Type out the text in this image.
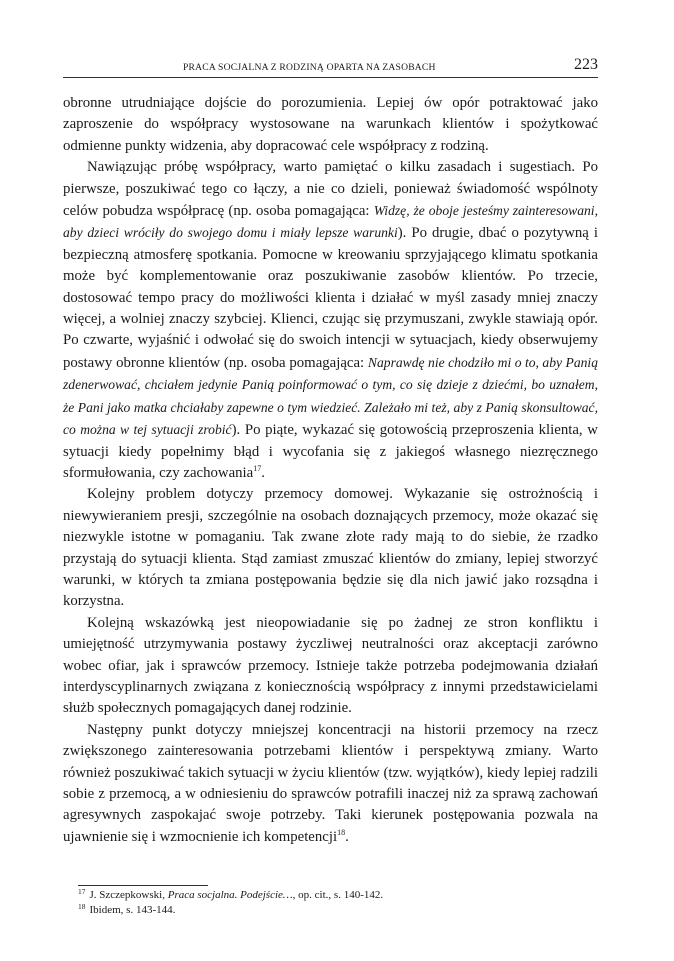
PRACA SOCJALNA Z RODZINĄ OPARTA NA ZASOBACH	223

obronne utrudniające dojście do porozumienia. Lepiej ów opór potraktować jako zaproszenie do współpracy wystosowane na warunkach klientów i spożytkować odmienne punkty widzenia, aby dopracować cele współpracy z rodziną.

Nawiązując próbę współpracy, warto pamiętać o kilku zasadach i sugestiach. Po pierwsze, poszukiwać tego co łączy, a nie co dzieli, ponieważ świadomość wspólnoty celów pobudza współpracę (np. osoba pomagająca: Widzę, że oboje jesteśmy zainteresowani, aby dzieci wróciły do swojego domu i miały lepsze warunki). Po drugie, dbać o pozytywną i bezpieczną atmosferę spotkania. Pomocne w kreowaniu sprzyjającego klimatu spotkania może być komplementowanie oraz poszukiwanie zasobów klientów. Po trzecie, dostosować tempo pracy do możliwości klienta i działać w myśl zasady mniej znaczy więcej, a wolniej znaczy szybciej. Klienci, czując się przymuszani, zwykle stawiają opór. Po czwarte, wyjaśnić i odwołać się do swoich intencji w sytuacjach, kiedy obserwujemy postawy obronne klientów (np. osoba pomagająca: Naprawdę nie chodziło mi o to, aby Panią zdenerwować, chciałem jedynie Panią poinformować o tym, co się dzieje z dziećmi, bo uznałem, że Pani jako matka chciałaby zapewne o tym wiedzieć. Zależało mi też, aby z Panią skonsultować, co można w tej sytuacji zrobić). Po piąte, wykazać się gotowością przeproszenia klienta, w sytuacji kiedy popełnimy błąd i wycofania się z jakiegoś własnego niezręcznego sformułowania, czy zachowania$^{17}$.

Kolejny problem dotyczy przemocy domowej. Wykazanie się ostrożnością i niewywieraniem presji, szczególnie na osobach doznających przemocy, może okazać się niezwykle istotne w pomaganiu. Tak zwane złote rady mają to do siebie, że rzadko przystają do sytuacji klienta. Stąd zamiast zmuszać klientów do zmiany, lepiej stworzyć warunki, w których ta zmiana postępowania będzie się dla nich jawić jako rozsądna i korzystna.

Kolejną wskazówką jest nieopowiadanie się po żadnej ze stron konfliktu i umiejętność utrzymywania postawy życzliwej neutralności oraz akceptacji zarówno wobec ofiar, jak i sprawców przemocy. Istnieje także potrzeba podejmowania działań interdyscyplinarnych związana z koniecznością współpracy z innymi przedstawicielami służb społecznych pomagających danej rodzinie.

Następny punkt dotyczy mniejszej koncentracji na historii przemocy na rzecz zwiększonego zainteresowania potrzebami klientów i perspektywą zmiany. Warto również poszukiwać takich sytuacji w życiu klientów (tzw. wyjątków), kiedy lepiej radzili sobie z przemocą, a w odniesieniu do sprawców potrafili inaczej niż za sprawą zachowań agresywnych zaspokajać swoje potrzeby. Taki kierunek postępowania pozwala na ujawnienie się i wzmocnienie ich kompetencji$^{18}$.

$^{17}$ J. Szczepkowski, Praca socjalna. Podejście…, op. cit., s. 140-142.
$^{18}$ Ibidem, s. 143-144.
